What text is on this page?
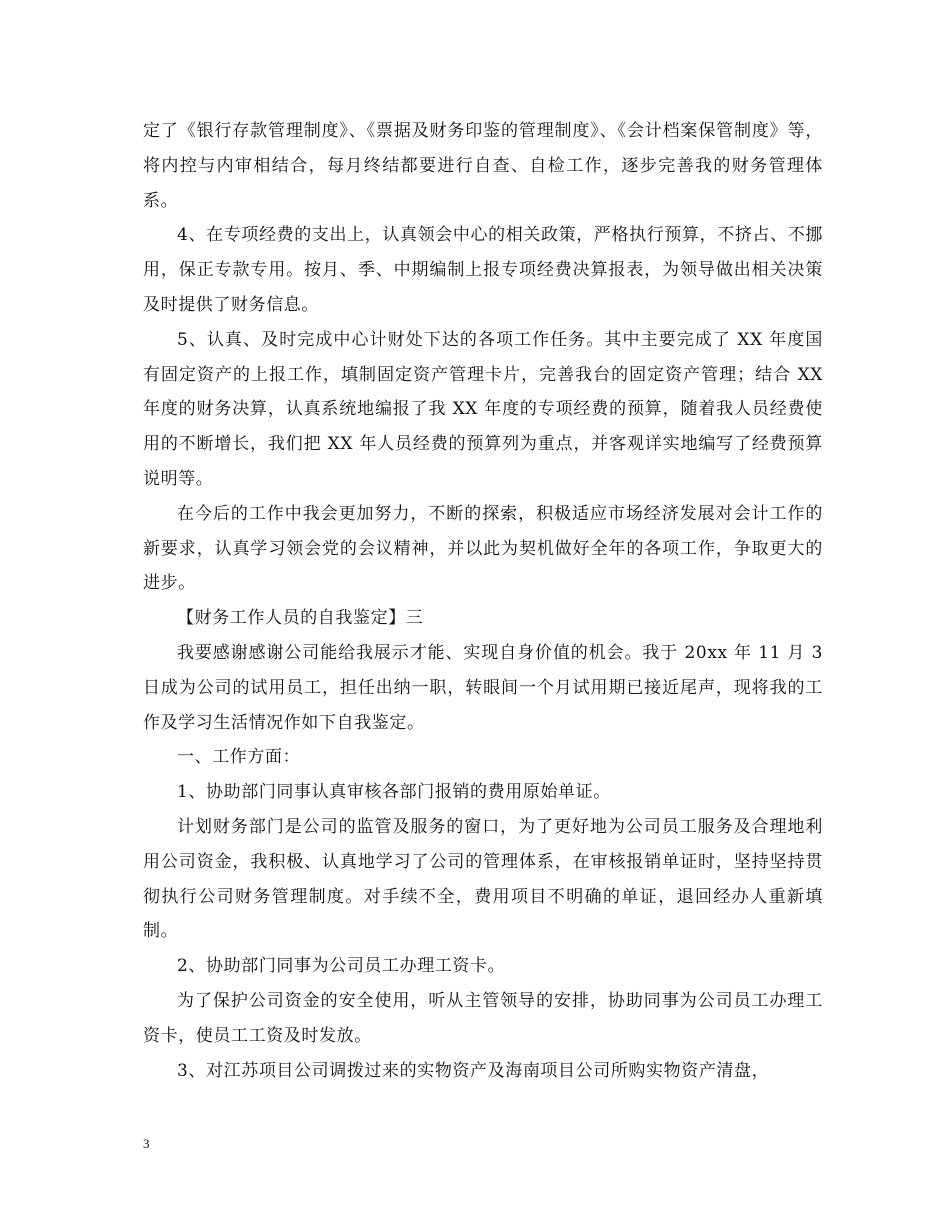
定了《银行存款管理制度》、《票据及财务印鉴的管理制度》、《会计档案保管制度》等，将内控与内审相结合，每月终结都要进行自查、自检工作，逐步完善我的财务管理体系。

4、在专项经费的支出上，认真领会中心的相关政策，严格执行预算，不挤占、不挪用，保正专款专用。按月、季、中期编制上报专项经费决算报表，为领导做出相关决策及时提供了财务信息。

5、认真、及时完成中心计财处下达的各项工作任务。其中主要完成了 XX 年度国有固定资产的上报工作，填制固定资产管理卡片，完善我台的固定资产管理；结合 XX 年度的财务决算，认真系统地编报了我 XX 年度的专项经费的预算，随着我人员经费使用的不断增长，我们把 XX 年人员经费的预算列为重点，并客观详实地编写了经费预算说明等。

在今后的工作中我会更加努力，不断的探索，积极适应市场经济发展对会计工作的新要求，认真学习领会党的会议精神，并以此为契机做好全年的各项工作，争取更大的进步。

【财务工作人员的自我鉴定】三

我要感谢感谢公司能给我展示才能、实现自身价值的机会。我于 20xx 年 11 月 3 日成为公司的试用员工，担任出纳一职，转眼间一个月试用期已接近尾声，现将我的工作及学习生活情况作如下自我鉴定。

一、工作方面：

1、协助部门同事认真审核各部门报销的费用原始单证。

计划财务部门是公司的监管及服务的窗口，为了更好地为公司员工服务及合理地利用公司资金，我积极、认真地学习了公司的管理体系，在审核报销单证时，坚持坚持贯彻执行公司财务管理制度。对手续不全，费用项目不明确的单证，退回经办人重新填制。

2、协助部门同事为公司员工办理工资卡。

为了保护公司资金的安全使用，听从主管领导的安排，协助同事为公司员工办理工资卡，使员工工资及时发放。

3、对江苏项目公司调拨过来的实物资产及海南项目公司所购实物资产清盘，

3
